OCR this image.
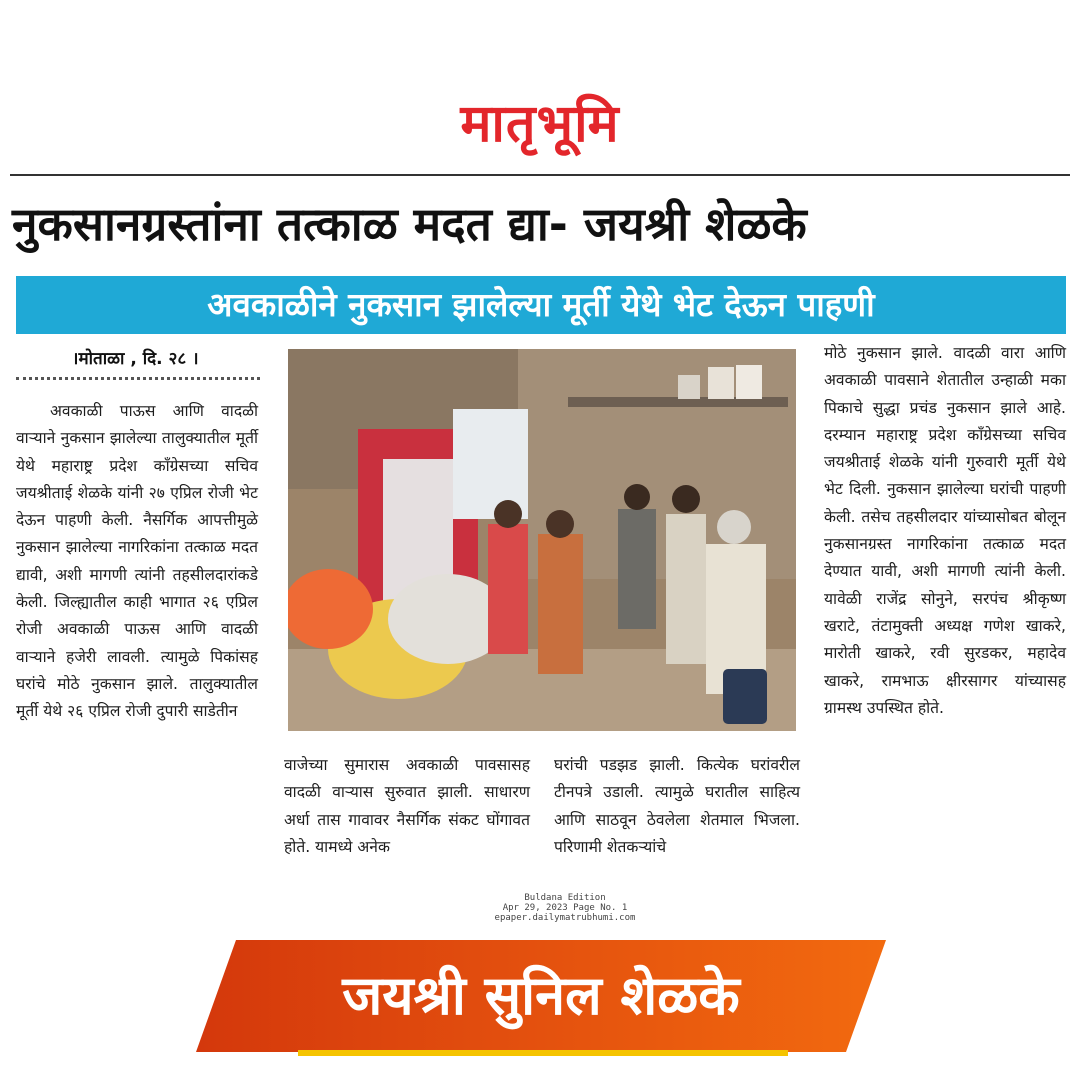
मातृभूमि
नुकसानग्रस्तांना तत्काळ मदत द्या- जयश्री शेळके
अवकाळीने नुकसान झालेल्या मूर्ती येथे भेट देऊन पाहणी
।मोताळा , दि. २८ ।

अवकाळी पाऊस आणि वादळी वाऱ्याने नुकसान झालेल्या तालुक्यातील मूर्ती येथे महाराष्ट्र प्रदेश काँग्रेसच्या सचिव जयश्रीताई शेळके यांनी २७ एप्रिल रोजी भेट देऊन पाहणी केली. नैसर्गिक आपत्तीमुळे नुकसान झालेल्या नागरिकांना तत्काळ मदत द्यावी, अशी मागणी त्यांनी तहसीलदारांकडे केली. जिल्ह्यातील काही भागात २६ एप्रिल रोजी अवकाळी पाऊस आणि वादळी वाऱ्याने हजेरी लावली. त्यामुळे पिकांसह घरांचे मोठे नुकसान झाले. तालुक्यातील मूर्ती येथे २६ एप्रिल रोजी दुपारी साडेतीन

वाजेच्या सुमारास अवकाळी पावसासह वादळी वाऱ्यास सुरुवात झाली. साधारण अर्धा तास गावावर नैसर्गिक संकट घोंगावत होते. यामध्ये अनेक
घरांची पडझड झाली. कित्येक घरांवरील टीनपत्रे उडाली. त्यामुळे घरातील साहित्य आणि साठवून ठेवलेला शेतमाल भिजला. परिणामी शेतकऱ्यांचे
मोठे नुकसान झाले. वादळी वारा आणि अवकाळी पावसाने शेतातील उन्हाळी मका पिकाचे सुद्धा प्रचंड नुकसान झाले आहे. दरम्यान महाराष्ट्र प्रदेश काँग्रेसच्या सचिव जयश्रीताई शेळके यांनी गुरुवारी मूर्ती येथे भेट दिली. नुकसान झालेल्या घरांची पाहणी केली. तसेच तहसीलदार यांच्यासोबत बोलून नुकसानग्रस्त नागरिकांना तत्काळ मदत देण्यात यावी, अशी मागणी त्यांनी केली. यावेळी राजेंद्र सोनुने, सरपंच श्रीकृष्ण खराटे, तंटामुक्ती अध्यक्ष गणेश खाकरे, मारोती खाकरे, रवी सुरडकर, महादेव खाकरे, रामभाऊ क्षीरसागर यांच्यासह ग्रामस्थ उपस्थित होते.
Buldana Edition
Apr 29, 2023 Page No. 1
epaper.dailymatrubhumi.com
जयश्री सुनिल शेळके
